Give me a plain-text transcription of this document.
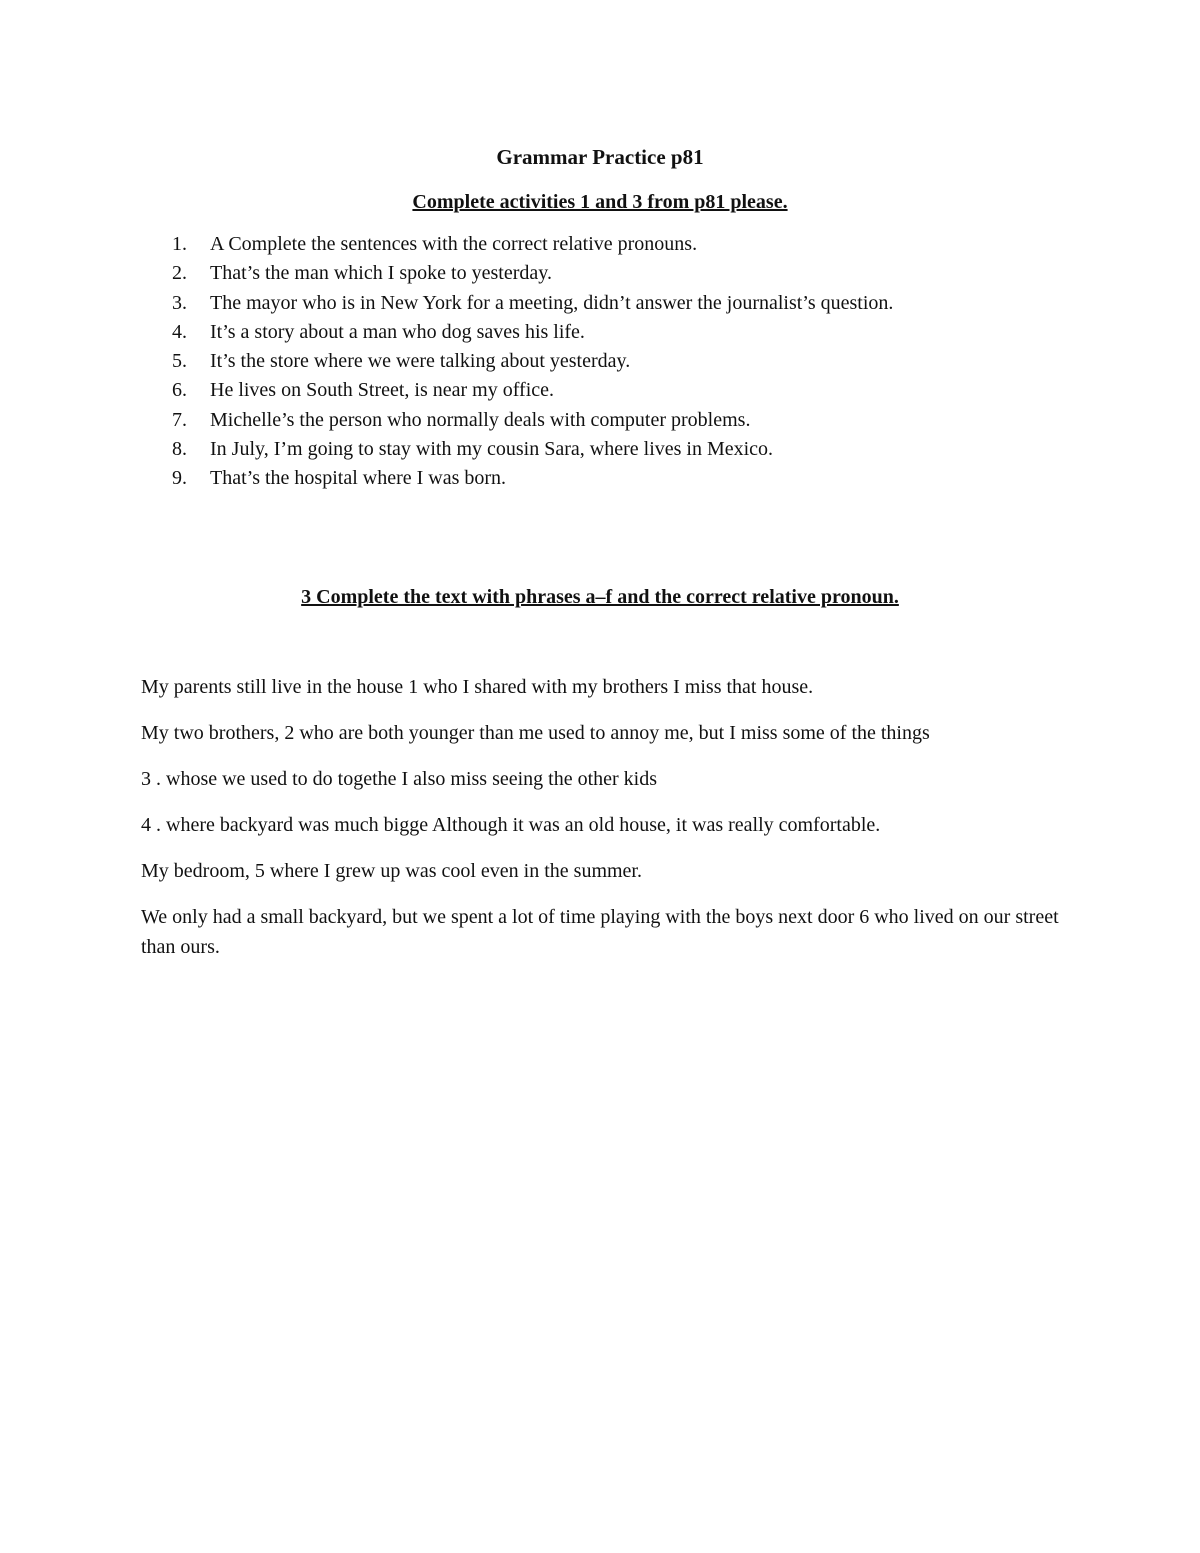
Grammar Practice p81
Complete activities 1 and 3 from p81 please.
1.	A Complete the sentences with the correct relative pronouns.
2.	That’s the man which I spoke to yesterday.
3.	The mayor who is in New York for a meeting, didn’t answer the journalist’s question.
4.	It’s a story about a man who dog saves his life.
5.	It’s the store where we were talking about yesterday.
6.	He lives on South Street, is near my office.
7.	Michelle’s the person who normally deals with computer problems.
8.	In July, I’m going to stay with my cousin Sara, where lives in Mexico.
9.	That’s the hospital where I was born.
3 Complete the text with phrases a–f and the correct relative pronoun.

My parents still live in the house 1 who I shared with my brothers I miss that house.

My two brothers, 2 who are both younger than me used to annoy me, but I miss some of the things

3 . whose we used to do togethe I also miss seeing the other kids

4 . where backyard was much bigge Although it was an old house, it was really comfortable.

My bedroom, 5 where I grew up was cool even in the summer.

We only had a small backyard, but we spent a lot of time playing with the boys next door 6 who lived on our street than ours.
